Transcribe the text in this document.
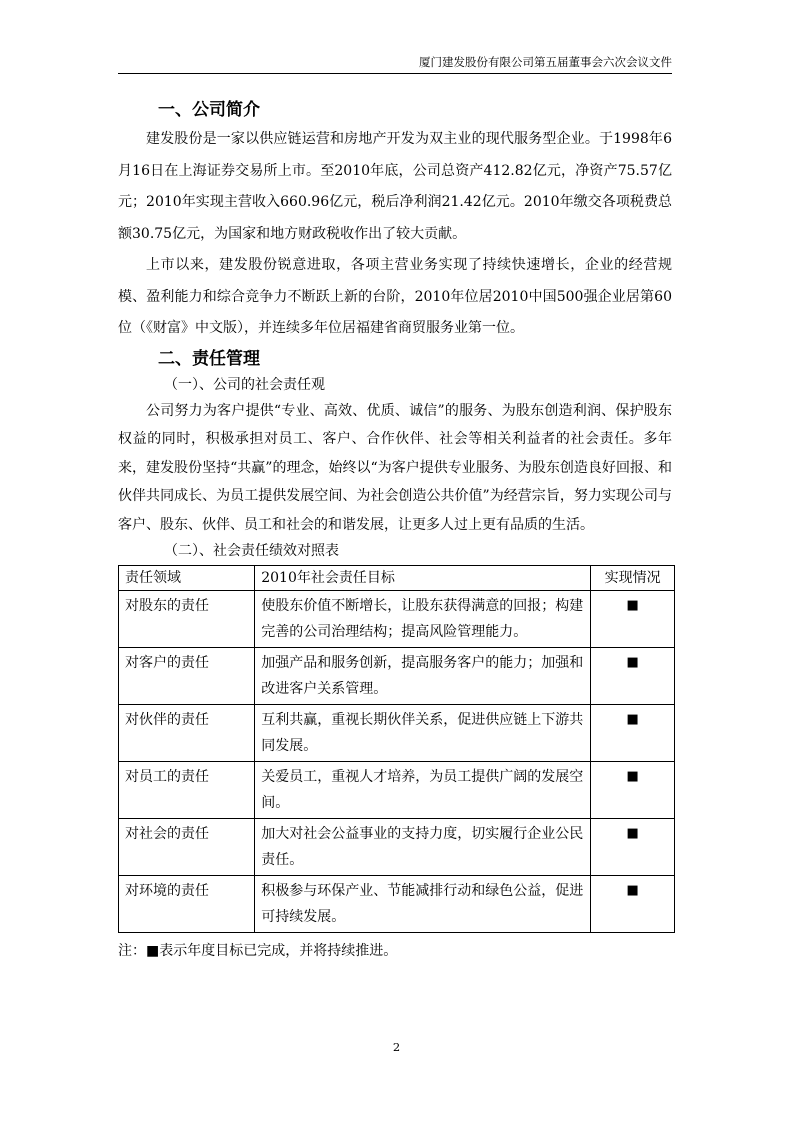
厦门建发股份有限公司第五届董事会六次会议文件
一、公司简介

建发股份是一家以供应链运营和房地产开发为双主业的现代服务型企业。于1998年6月16日在上海证券交易所上市。至2010年底，公司总资产412.82亿元，净资产75.57亿元；2010年实现主营收入660.96亿元，税后净利润21.42亿元。2010年缴交各项税费总额30.75亿元，为国家和地方财政税收作出了较大贡献。

上市以来，建发股份锐意进取，各项主营业务实现了持续快速增长，企业的经营规模、盈利能力和综合竞争力不断跃上新的台阶，2010年位居2010中国500强企业居第60位（《财富》中文版），并连续多年位居福建省商贸服务业第一位。

二、责任管理

（一）、公司的社会责任观

公司努力为客户提供“专业、高效、优质、诚信”的服务、为股东创造利润、保护股东权益的同时，积极承担对员工、客户、合作伙伴、社会等相关利益者的社会责任。多年来，建发股份坚持“共赢”的理念，始终以“为客户提供专业服务、为股东创造良好回报、和伙伴共同成长、为员工提供发展空间、为社会创造公共价值”为经营宗旨，努力实现公司与客户、股东、伙伴、员工和社会的和谐发展，让更多人过上更有品质的生活。

（二）、社会责任绩效对照表

责任领域	2010年社会责任目标	实现情况
对股东的责任	使股东价值不断增长，让股东获得满意的回报；构建完善的公司治理结构；提高风险管理能力。	■
对客户的责任	加强产品和服务创新，提高服务客户的能力；加强和改进客户关系管理。	■
对伙伴的责任	互利共赢，重视长期伙伴关系，促进供应链上下游共同发展。	■
对员工的责任	关爱员工，重视人才培养，为员工提供广阔的发展空间。	■
对社会的责任	加大对社会公益事业的支持力度，切实履行企业公民责任。	■
对环境的责任	积极参与环保产业、节能减排行动和绿色公益，促进可持续发展。	■
注：■表示年度目标已完成，并将持续推进。
2
